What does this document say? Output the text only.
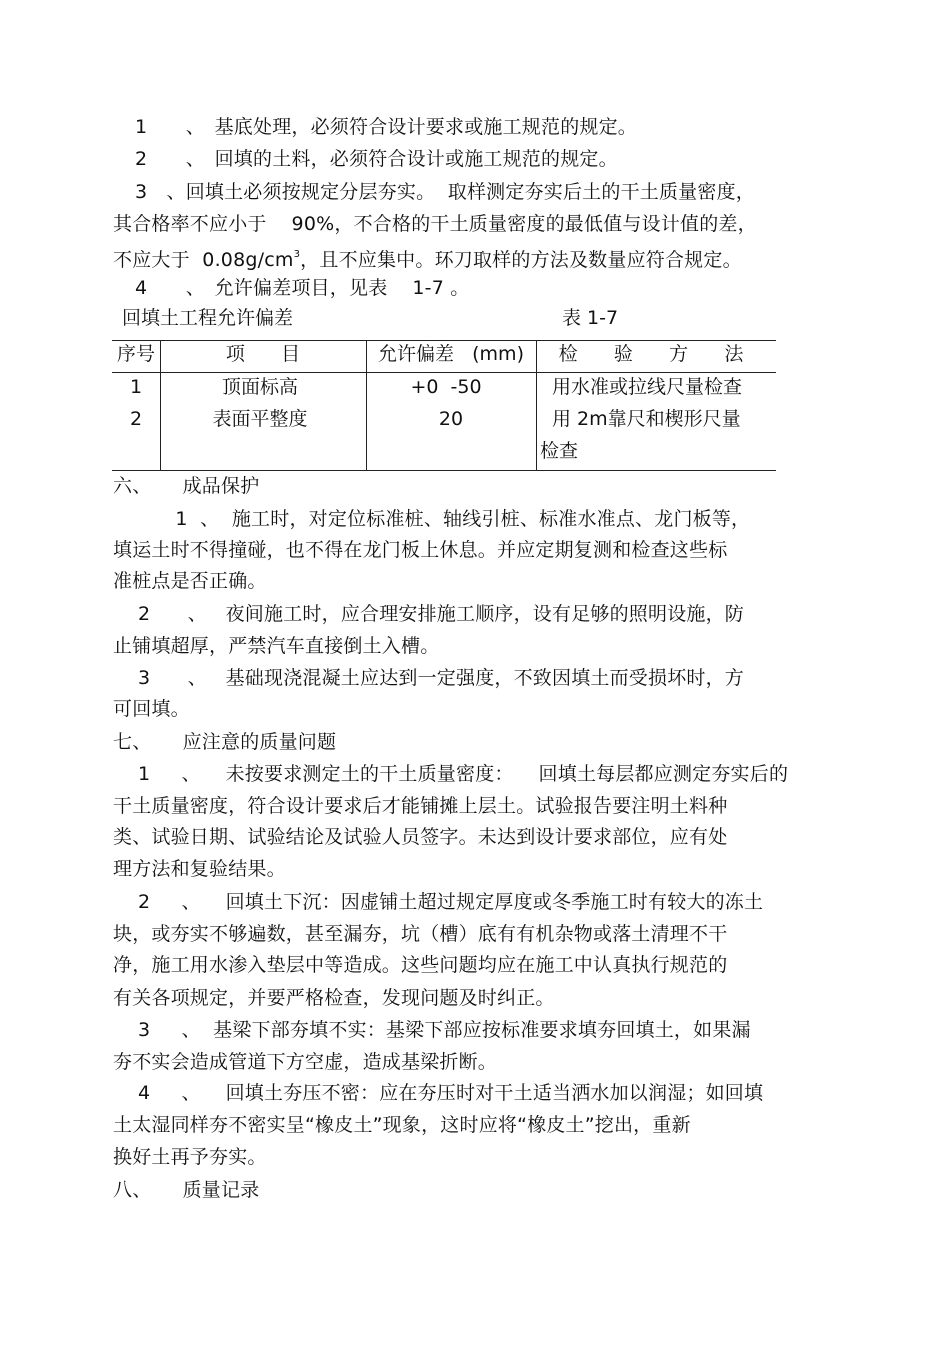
1　　、　基底处理，必须符合设计要求或施工规范的规定。
2　　、　回填的土料，必须符合设计或施工规范的规定。
3　、回填土必须按规定分层夯实。  取样测定夯实后土的干土质量密度，
其合格率不应小于    90%，不合格的干土质量密度的最低值与设计值的差，
不应大于  $0.08g/cm^3$，且不应集中。环刀取样的方法及数量应符合规定。
4　　、　允许偏差项目，见表    1-7 。
回填土工程允许偏差	表 1-7
序号	项      目	允许偏差   (mm)	检      验      方      法
1	顶面标高	+0  -50	用水准或拉线尺量检查
2	表面平整度	20	用 2m靠尺和楔形尺量
检查
六、     成品保护
1  、  施工时，对定位标准桩、轴线引桩、标准水准点、龙门板等，
填运土时不得撞碰，也不得在龙门板上休息。并应定期复测和检查这些标
准桩点是否正确。
2      、   夜间施工时，应合理安排施工顺序，设有足够的照明设施，防
止铺填超厚，严禁汽车直接倒土入槽。
3      、   基础现浇混凝土应达到一定强度，不致因填土而受损坏时，方
可回填。
七、     应注意的质量问题
1     、    未按要求测定土的干土质量密度：    回填土每层都应测定夯实后的
干土质量密度，符合设计要求后才能铺摊上层土。试验报告要注明土料种
类、试验日期、试验结论及试验人员签字。未达到设计要求部位，应有处
理方法和复验结果。
2     、    回填土下沉：因虚铺土超过规定厚度或冬季施工时有较大的冻土
块，或夯实不够遍数，甚至漏夯，坑（槽）底有有机杂物或落土清理不干
净，施工用水渗入垫层中等造成。这些问题均应在施工中认真执行规范的
有关各项规定，并要严格检查，发现问题及时纠正。
3     、  基梁下部夯填不实：基梁下部应按标准要求填夯回填土，如果漏
夯不实会造成管道下方空虚，造成基梁折断。
4     、    回填土夯压不密：应在夯压时对干土适当洒水加以润湿；如回填
土太湿同样夯不密实呈“橡皮土”现象，这时应将“橡皮土”挖出，重新
换好土再予夯实。
八、     质量记录
